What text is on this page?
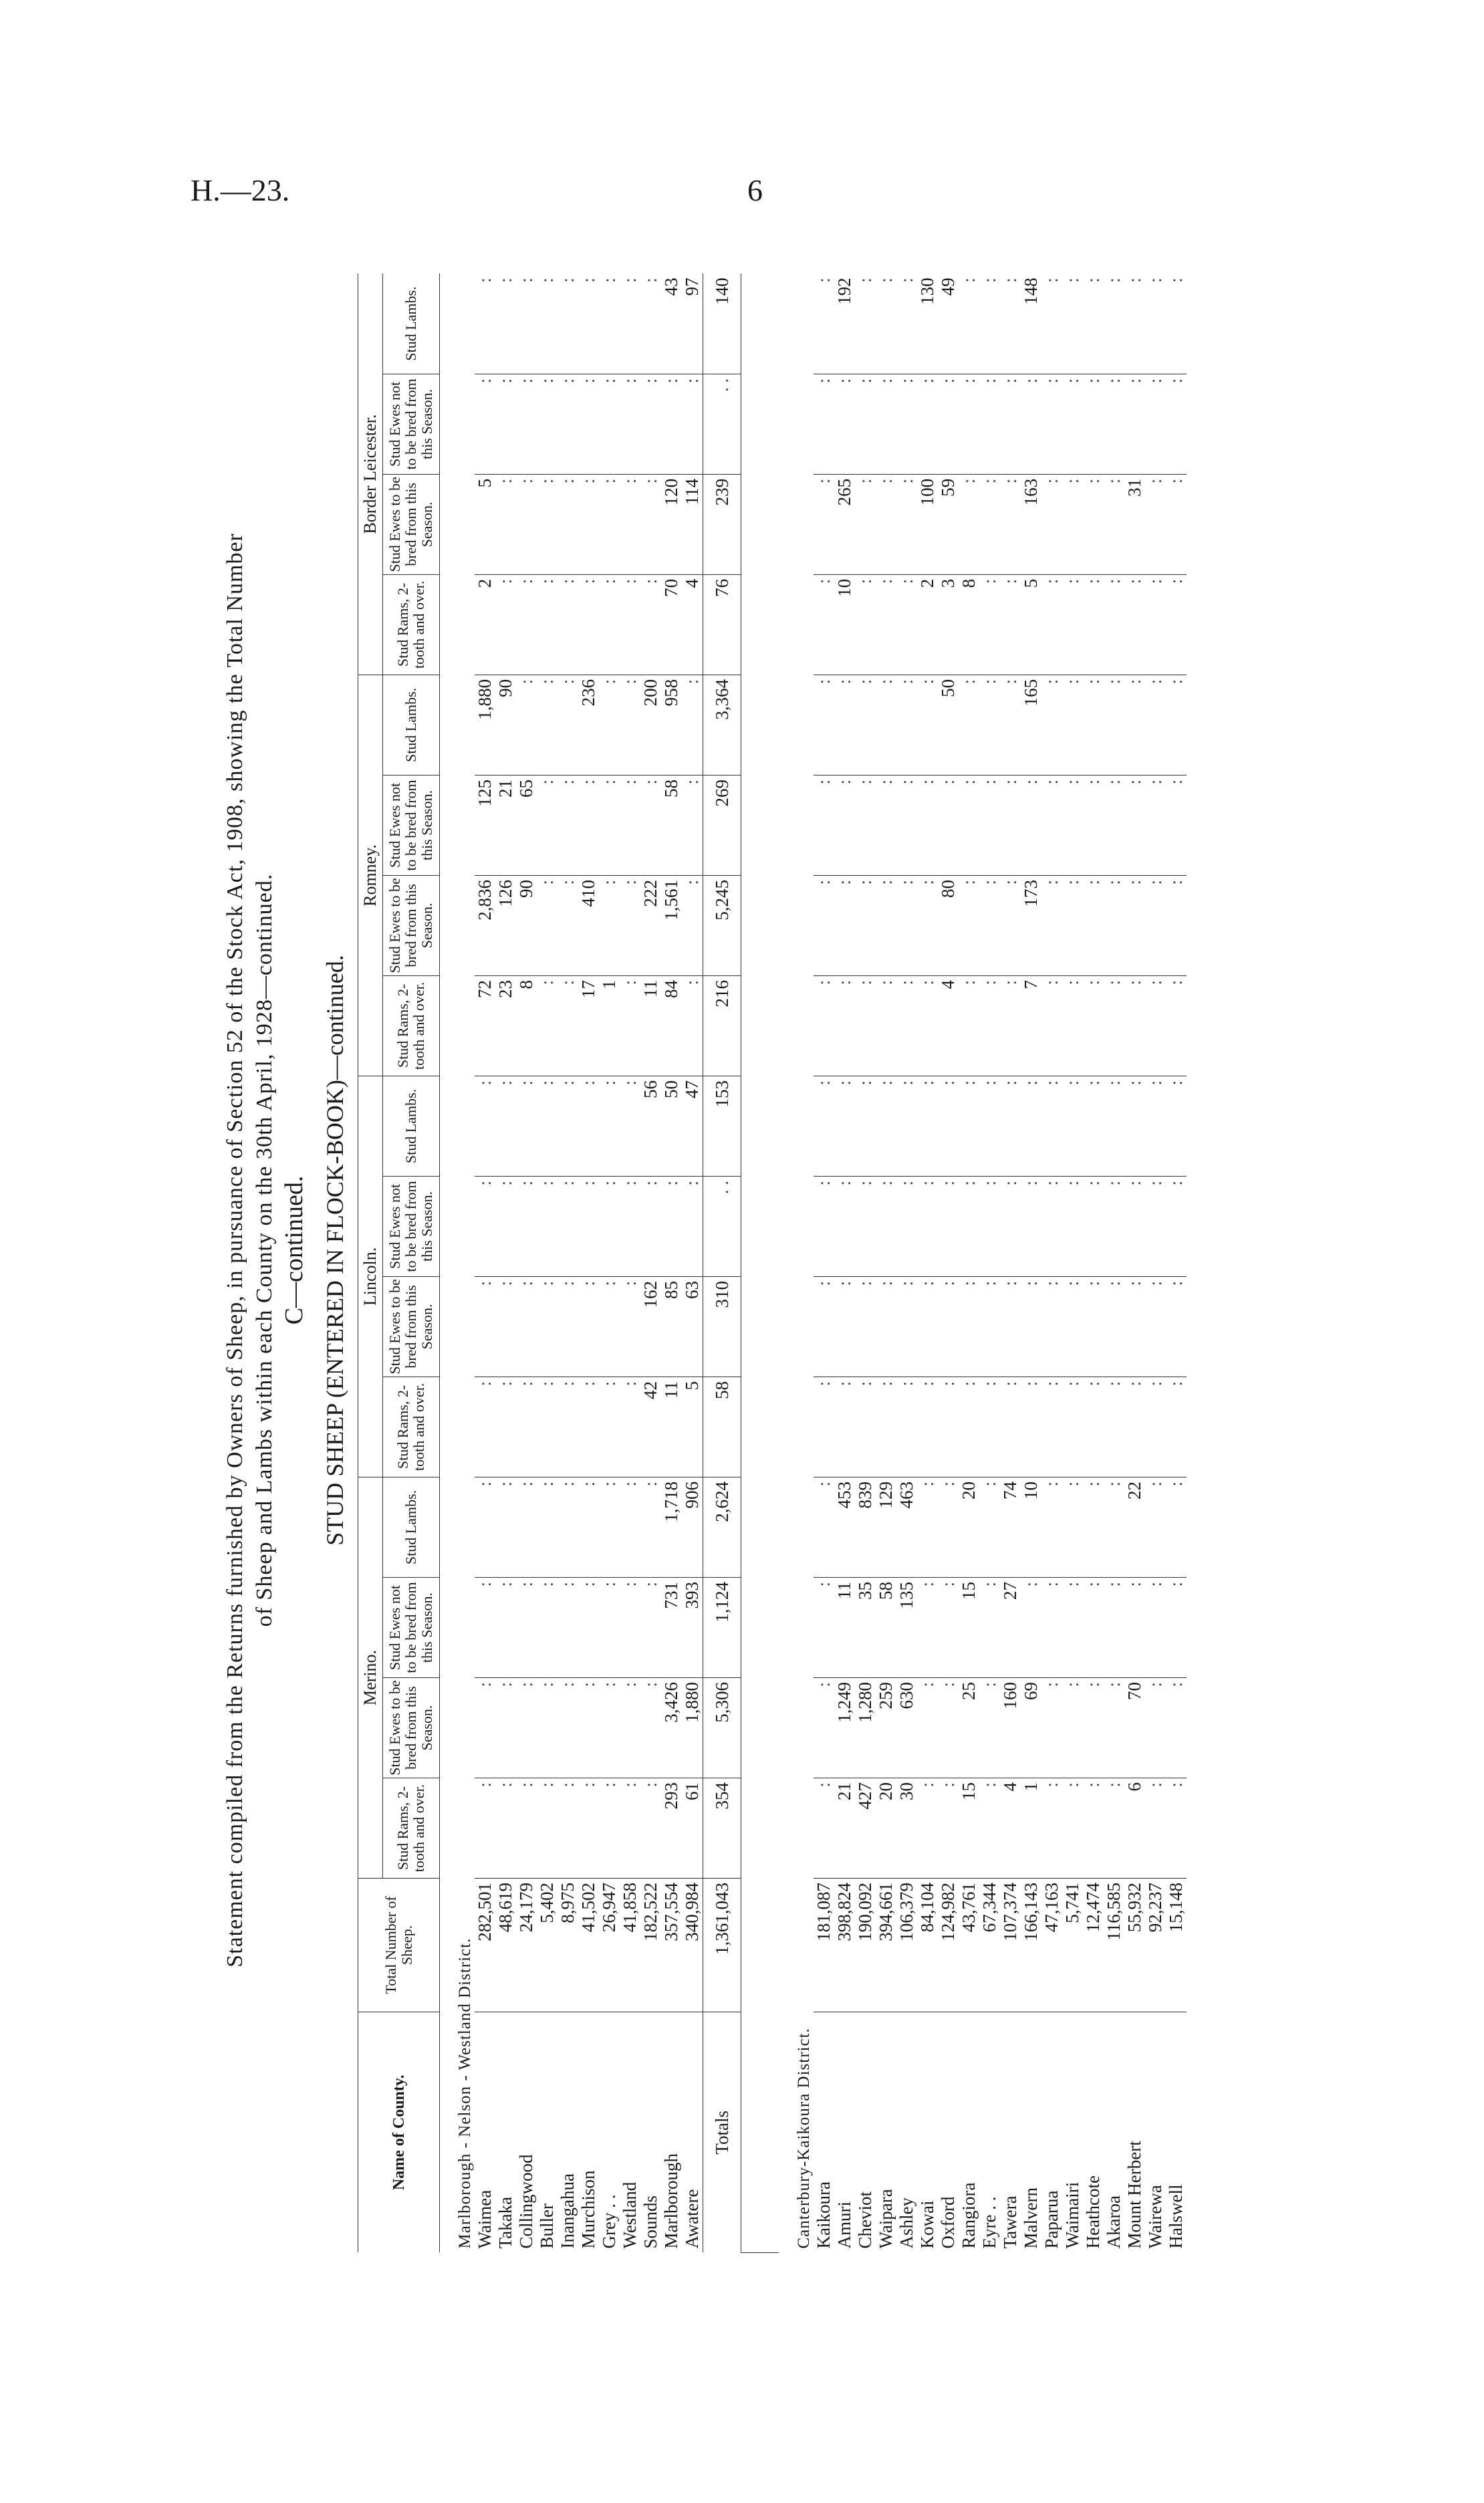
H.—23.	6
Statement compiled from the Returns furnished by Owners of Sheep, in pursuance of Section 52 of the Stock Act, 1908, showing the Total Number of Sheep and Lambs within each County on the 30th April, 1928—continued. C—continued. STUD SHEEP (ENTERED IN FLOCK-BOOK)—continued.
Name of County.	Total Number of Sheep.	Merino.				Lincoln.				Romney.				Border Leicester.			
		Stud Rams, 2-tooth and over.	Stud Ewes to be bred from this Season.	Stud Ewes not to be bred from this Season.	Stud Lambs.	Stud Rams, 2-tooth and over.	Stud Ewes to be bred from this Season.	Stud Ewes not to be bred from this Season.	Stud Lambs.	Stud Rams, 2-tooth and over.	Stud Ewes to be bred from this Season.	Stud Ewes not to be bred from this Season.	Stud Lambs.	Stud Rams, 2-tooth and over.	Stud Ewes to be bred from this Season.	Stud Ewes not to be bred from this Season.	Stud Lambs.
Marlborough - Nelson - Westland District.																	
Waimea	282,501	:	:	:	:	:	:	:	:	72	2,836	125	1,880	2	5	:	:
Takaka	48,619	:	:	:	:	:	:	:	:	23	126	21	90	:	:	:	:
Collingwood	24,179	:	:	:	:	:	:	:	:	8	90	65	:	:	:	:	:
Buller	5,402	:	:	:	:	:	:	:	:	:	:	:	:	:	:	:	:
Inangahua	8,975	:	:	:	:	:	:	:	:	:	:	:	:	:	:	:	:
Murchison	41,502	:	:	:	:	:	:	:	:	17	410	:	236	:	:	:	:
Grey . .	26,947	:	:	:	:	:	:	:	:	1	:	:	:	:	:	:	:
Westland	41,858	:	:	:	:	:	:	:	:	:	:	:	:	:	:	:	:
Sounds	182,522	:	:	:	:	42	162	:	56	11	222	:	200	:	:	:	:
Marlborough	357,554	293	3,426	731	1,718	11	85	:	50	84	1,561	58	958	70	120	:	43
Awatere	340,984	61	1,880	393	906	5	63	:	47	:	:	:	:	4	114	:	97
Totals	1,361,043	354	5,306	1,124	2,624	58	310	. .	153	216	5,245	269	3,364	76	239	. .	140

Canterbury-Kaikoura District.																	
Kaikoura	181,087	:	:	:	:	:	:	:	:	:	:	:	:	:	:	:	:
Amuri	398,824	21	1,249	11	453	:	:	:	:	:	:	:	:	10	265	:	192
Cheviot	190,092	427	1,280	35	839	:	:	:	:	:	:	:	:	:	:	:	:
Waipara	394,661	20	259	58	129	:	:	:	:	:	:	:	:	:	:	:	:
Ashley	106,379	30	630	135	463	:	:	:	:	:	:	:	:	:	:	:	:
Kowai	84,104	:	:	:	:	:	:	:	:	:	:	:	:	2	100	:	130
Oxford	124,982	:	:	:	:	:	:	:	:	4	80	:	50	3	59	:	49
Rangiora	43,761	15	25	15	20	:	:	:	:	:	:	:	:	8	:	:	:
Eyre . .	67,344	:	:	:	:	:	:	:	:	:	:	:	:	:	:	:	:
Tawera	107,374	4	160	27	74	:	:	:	:	:	:	:	:	:	:	:	:
Malvern	166,143	1	69	:	10	:	:	:	:	7	173	:	165	5	163	:	148
Paparua	47,163	:	:	:	:	:	:	:	:	:	:	:	:	:	:	:	:
Waimairi	5,741	:	:	:	:	:	:	:	:	:	:	:	:	:	:	:	:
Heathcote	12,474	:	:	:	:	:	:	:	:	:	:	:	:	:	:	:	:
Akaroa	116,585	:	:	:	:	:	:	:	:	:	:	:	:	:	:	:	:
Mount Herbert	55,932	6	70	:	22	:	:	:	:	:	:	:	:	:	31	:	:
Wairewa	92,237	:	:	:	:	:	:	:	:	:	:	:	:	:	:	:	:
Halswell	15,148	:	:	:	:	:	:	:	:	:	:	:	:	:	:	:	:
